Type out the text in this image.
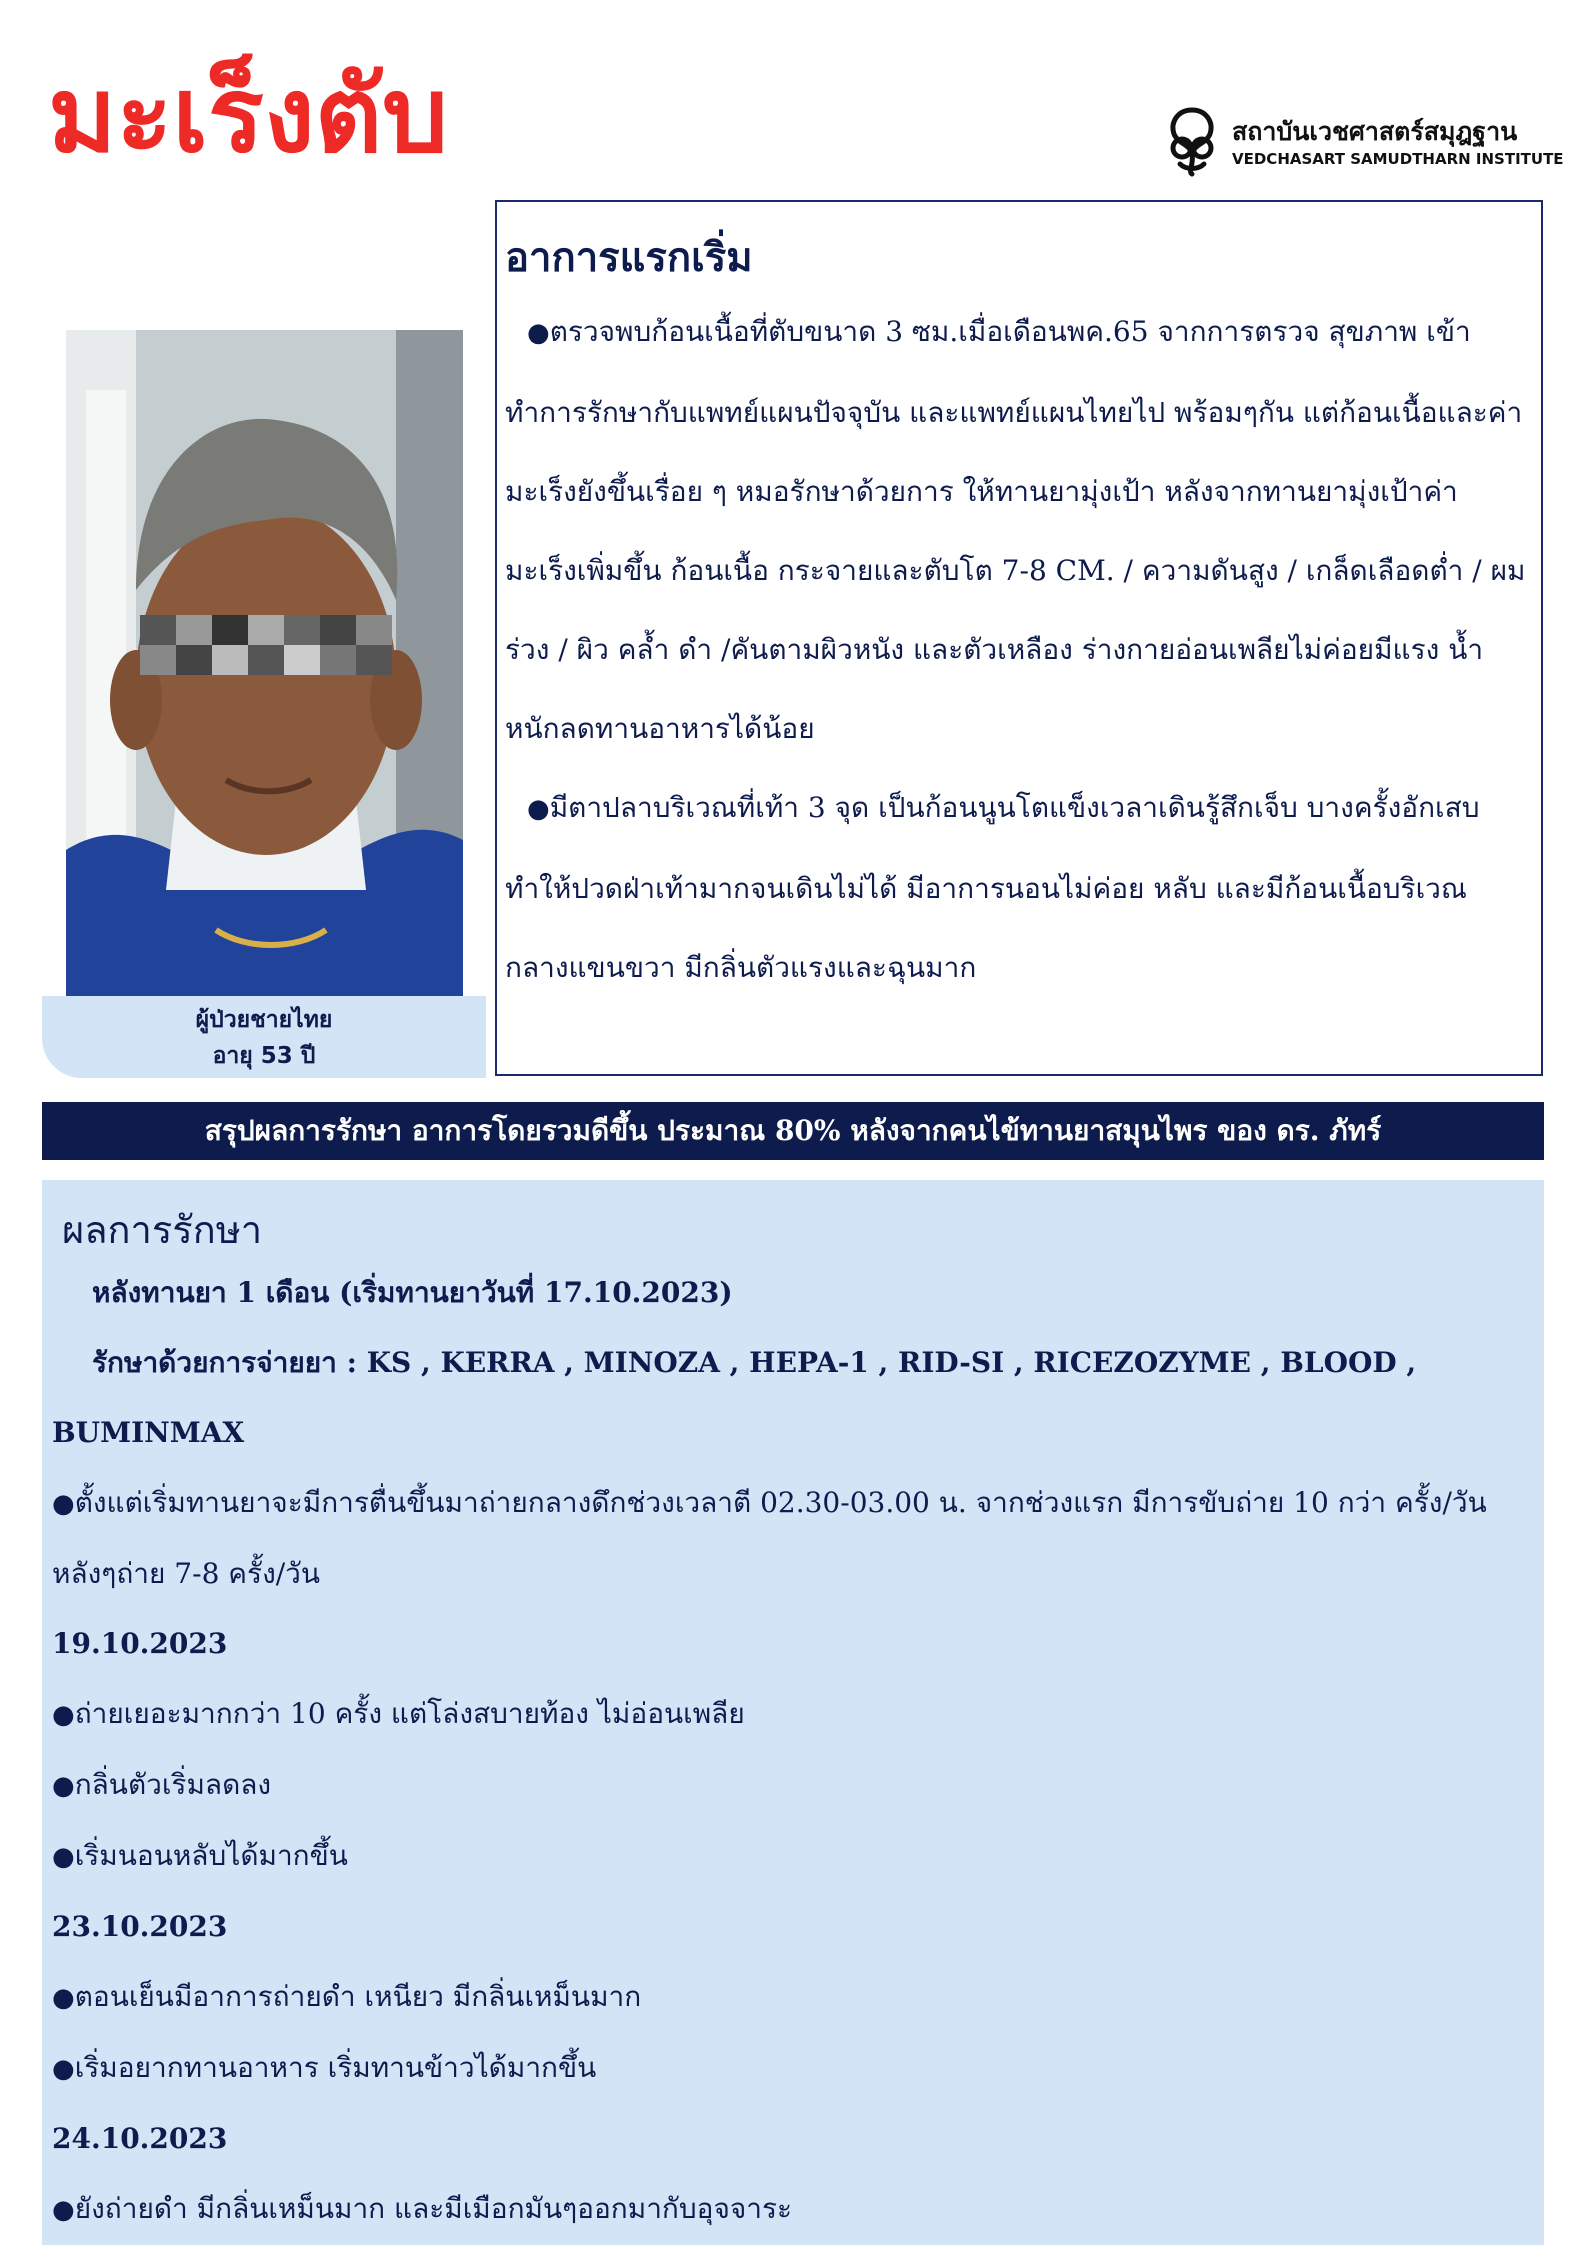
มะเร็งตับ	สถาบันเวชศาสตร์สมุฎฐาน
VEDCHASART SAMUDTHARN INSTITUTE
ผู้ป่วยชายไทย
อายุ 53 ปี
อาการแรกเริ่ม

●ตรวจพบก้อนเนื้อที่ตับขนาด 3 ซม.เมื่อเดือนพค.65 จากการตรวจ สุขภาพ เข้าทำการรักษากับแพทย์แผนปัจจุบัน และแพทย์แผนไทยไป พร้อมๆกัน แต่ก้อนเนื้อและค่ามะเร็งยังขึ้นเรื่อย ๆ หมอรักษาด้วยการ ให้ทานยามุ่งเป้า หลังจากทานยามุ่งเป้าค่ามะเร็งเพิ่มขึ้น ก้อนเนื้อ กระจายและตับโต 7-8 CM. / ความดันสูง / เกล็ดเลือดต่ำ / ผมร่วง / ผิว คล้ำ ดำ /คันตามผิวหนัง และตัวเหลือง ร่างกายอ่อนเพลียไม่ค่อยมีแรง น้ำหนักลดทานอาหารได้น้อย

●มีตาปลาบริเวณที่เท้า 3 จุด เป็นก้อนนูนโตแข็งเวลาเดินรู้สึกเจ็บ บางครั้งอักเสบทำให้ปวดฝ่าเท้ามากจนเดินไม่ได้ มีอาการนอนไม่ค่อย หลับ และมีก้อนเนื้อบริเวณกลางแขนขวา มีกลิ่นตัวแรงและฉุนมาก

สรุปผลการรักษา อาการโดยรวมดีขึ้น ประมาณ 80% หลังจากคนไข้ทานยาสมุนไพร ของ ดร. ภัทร์
ผลการรักษา

หลังทานยา 1 เดือน (เริ่มทานยาวันที่ 17.10.2023)

รักษาด้วยการจ่ายยา : KS , KERRA , MINOZA , HEPA-1 , RID-SI , RICEZOZYME , BLOOD ,

BUMINMAX

●ตั้งแต่เริ่มทานยาจะมีการตื่นขึ้นมาถ่ายกลางดึกช่วงเวลาตี 02.30-03.00 น. จากช่วงแรก มีการขับถ่าย 10 กว่า ครั้ง/วัน หลังๆถ่าย 7-8 ครั้ง/วัน

19.10.2023

●ถ่ายเยอะมากกว่า 10 ครั้ง แต่โล่งสบายท้อง ไม่อ่อนเพลีย

●กลิ่นตัวเริ่มลดลง

●เริ่มนอนหลับได้มากขึ้น

23.10.2023

●ตอนเย็นมีอาการถ่ายดำ เหนียว มีกลิ่นเหม็นมาก

●เริ่มอยากทานอาหาร เริ่มทานข้าวได้มากขึ้น

24.10.2023

●ยังถ่ายดำ มีกลิ่นเหม็นมาก และมีเมือกมันๆออกมากับอุจจาระ
